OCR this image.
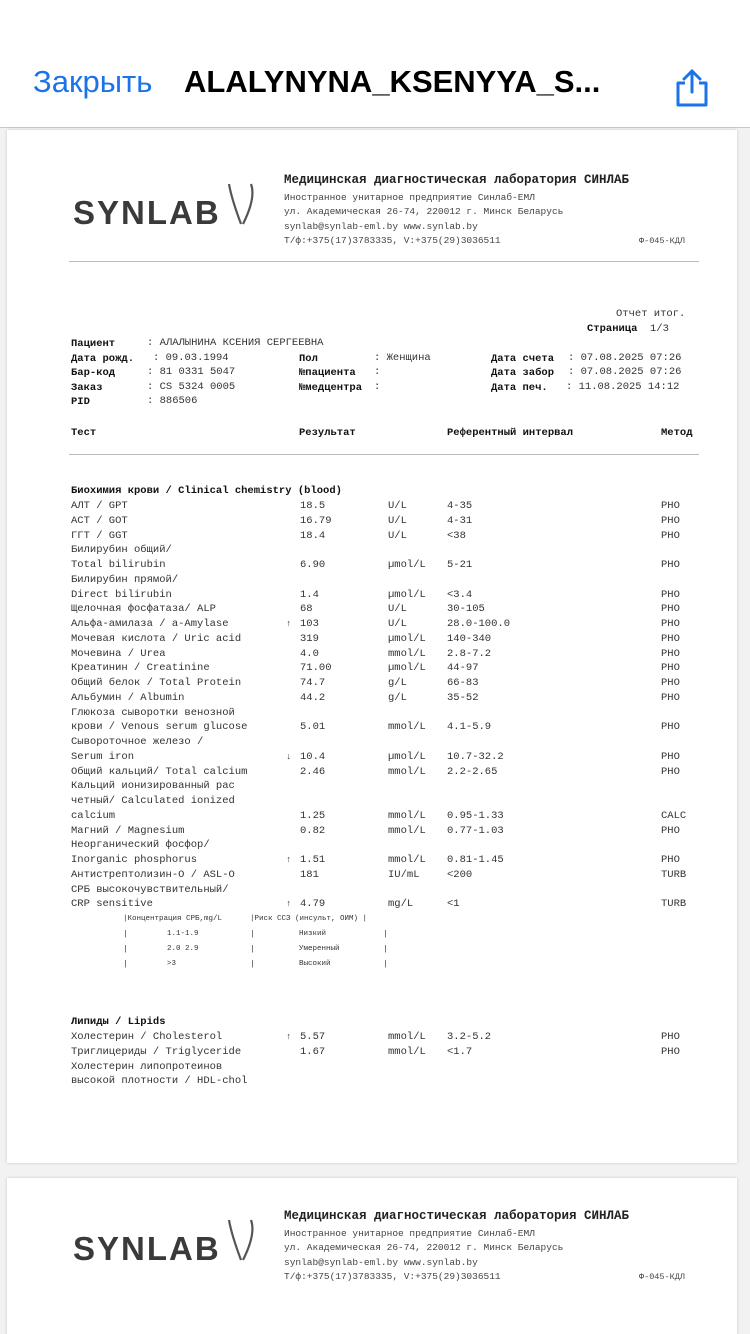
Закрыть ALALYNYNA_KSENYYA_S...
SYNLAB
Медицинская диагностическая лаборатория СИНЛАБ
Иностранное унитарное предприятие Синлаб-ЕМЛ
ул. Академическая 26-74, 220012 г. Минск Беларусь
synlab@synlab-eml.by www.synlab.by
Т/ф:+375(17)3783335, V:+375(29)3036511	Ф-045-КДЛ
Отчет итог.
Страница 1/3
Пациент	: АЛАЛЫНИНА КСЕНИЯ СЕРГЕЕВНА
Дата рожд. : 09.03.1994	Пол	: Женщина	Дата счета : 07.08.2025 07:26
Бар-код	: 81 0331 5047	№пациента :	Дата забор : 07.08.2025 07:26
Заказ	: CS 5324 0005	№медцентра :	Дата печ. : 11.08.2025 14:12
PID	: 886506
Тест	Результат	Референтный интервал	Метод
Биохимия крови / Clinical chemistry (blood)
АЛТ / GPT	18.5	U/L	4-35	PHO
АСТ / GOT	16.79	U/L	4-31	PHO
ГГТ / GGT	18.4	U/L	<38	PHO
Билирубин общий/
Total bilirubin	6.90	µmol/L 5-21	PHO
Билирубин прямой/
Direct bilirubin	1.4	µmol/L <3.4	PHO
Щелочная фосфатаза/ ALP	68	U/L	30-105	PHO
Альфа-амилаза / a-Amylase	↑ 103	U/L	28.0-100.0	PHO
Мочевая кислота / Uric acid	319	µmol/L 140-340	PHO
Мочевина / Urea	4.0	mmol/L 2.8-7.2	PHO
Креатинин / Creatinine	71.00	µmol/L 44-97	PHO
Общий белок / Total Protein	74.7	g/L	66-83	PHO
Альбумин / Albumin	44.2	g/L	35-52	PHO
Глюкоза сыворотки венозной
крови / Venous serum glucose	5.01	mmol/L 4.1-5.9	PHO
Сывороточное железо /
Serum iron	↓ 10.4	µmol/L 10.7-32.2	PHO
Общий кальций/ Total calcium	2.46	mmol/L 2.2-2.65	PHO
Кальций ионизированный рас
четный/ Calculated ionized
calcium	1.25	mmol/L 0.95-1.33	CALC
Магний / Magnesium	0.82	mmol/L 0.77-1.03	PHO
Неорганический фосфор/
Inorganic phosphorus	↑ 1.51	mmol/L 0.81-1.45	PHO
Антистрептолизин-О / ASL-O	181	IU/mL	<200	TURB
СРБ высокочувствительный/
CRP sensitive	↑ 4.79	mg/L	<1	TURB
|Концентрация СРБ,mg/L	|Риск ССЗ (инсульт, ОИМ) |
|	|	|
1.1-1.9	Низкий
|	|	|
2.0 2.9	Умеренный
|	|	|
>3	Высокий
Липиды / Lipids
Холестерин / Cholesterol	↑ 5.57	mmol/L 3.2-5.2	PHO
Триглицериды / Triglyceride	1.67	mmol/L <1.7	PHO
Холестерин липопротеинов
высокой плотности / HDL-chol
SYNLAB
Медицинская диагностическая лаборатория СИНЛАБ
Иностранное унитарное предприятие Синлаб-ЕМЛ
ул. Академическая 26-74, 220012 г. Минск Беларусь
synlab@synlab-eml.by www.synlab.by
Т/ф:+375(17)3783335, V:+375(29)3036511	Ф-045-КДЛ
